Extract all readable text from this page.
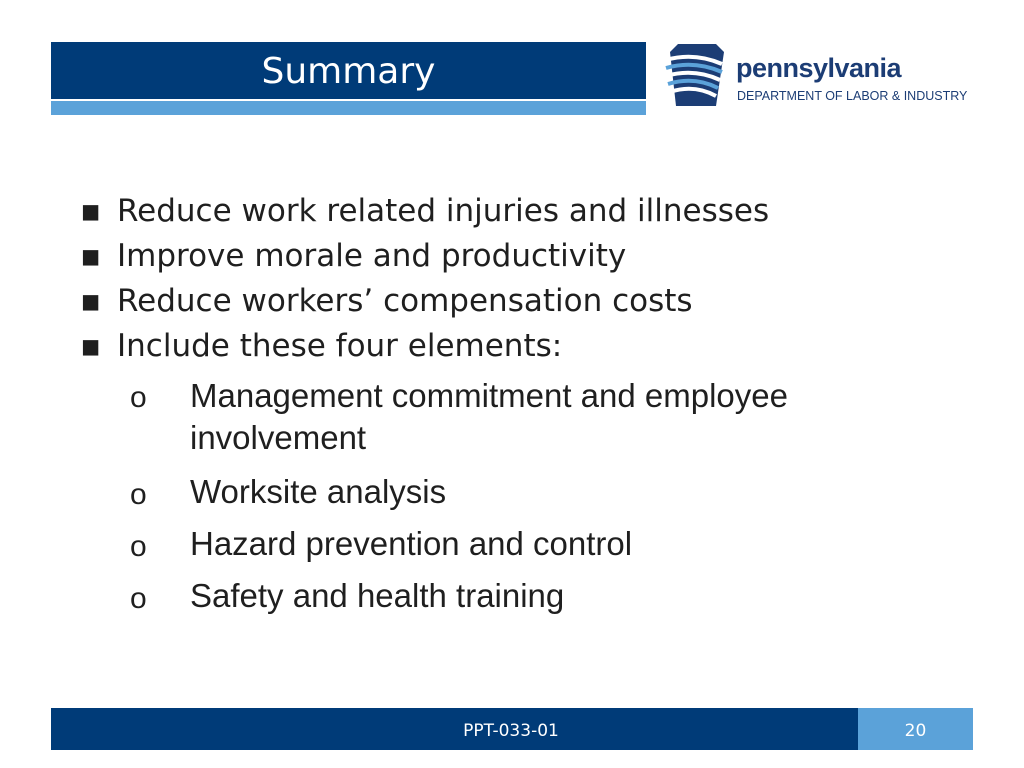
Summary	pennsylvania
DEPARTMENT OF LABOR & INDUSTRY
▪ Reduce work related injuries and illnesses
▪ Improve morale and productivity
▪ Reduce workers’ compensation costs
▪ Include these four elements:
o Management commitment and employee involvement
o Worksite analysis
o Hazard prevention and control
o Safety and health training
PPT-033-01	20
